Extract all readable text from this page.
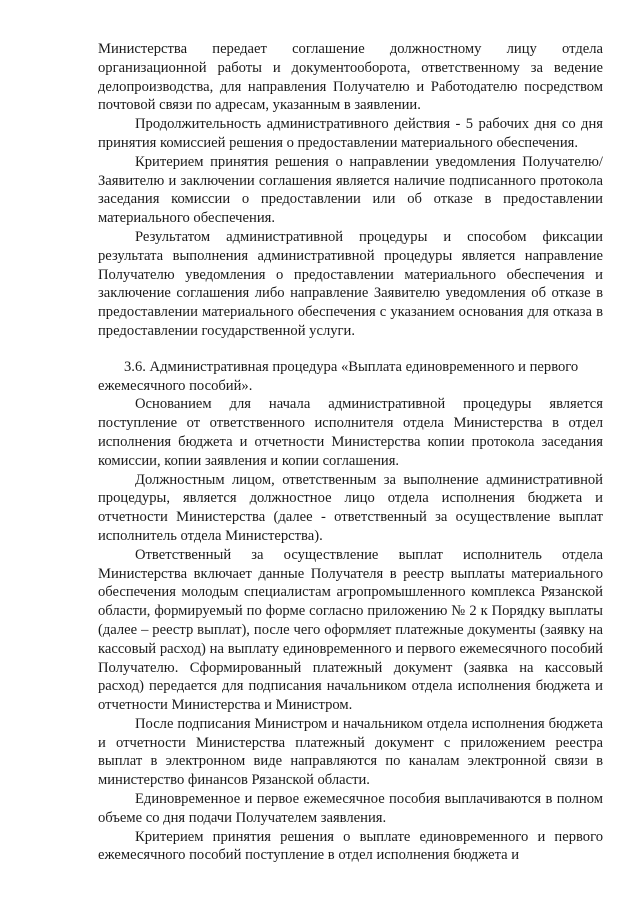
Министерства передает соглашение должностному лицу отдела организационной работы и документооборота, ответственному за ведение делопроизводства, для направления Получателю и Работодателю посредством почтовой связи по адресам, указанным в заявлении.

Продолжительность административного действия - 5 рабочих дня со дня принятия комиссией решения о предоставлении материального обеспечения.

Критерием принятия решения о направлении уведомления Получателю/Заявителю и заключении соглашения является наличие подписанного протокола заседания комиссии о предоставлении или об отказе в предоставлении материального обеспечения.

Результатом административной процедуры и способом фиксации результата выполнения административной процедуры является направление Получателю уведомления о предоставлении материального обеспечения и заключение соглашения либо направление Заявителю уведомления об отказе в предоставлении материального обеспечения с указанием основания для отказа в предоставлении государственной услуги.

3.6. Административная процедура «Выплата единовременного и первого ежемесячного пособий».

Основанием для начала административной процедуры является поступление от ответственного исполнителя отдела Министерства в отдел исполнения бюджета и отчетности Министерства копии протокола заседания комиссии, копии заявления и копии соглашения.

Должностным лицом, ответственным за выполнение административной процедуры, является должностное лицо отдела исполнения бюджета и отчетности Министерства (далее - ответственный за осуществление выплат исполнитель отдела Министерства).

Ответственный за осуществление выплат исполнитель отдела Министерства включает данные Получателя в реестр выплаты материального обеспечения молодым специалистам агропромышленного комплекса Рязанской области, формируемый по форме согласно приложению № 2 к Порядку выплаты (далее – реестр выплат), после чего оформляет платежные документы (заявку на кассовый расход) на выплату единовременного и первого ежемесячного пособий Получателю. Сформированный платежный документ (заявка на кассовый расход) передается для подписания начальником отдела исполнения бюджета и отчетности Министерства и Министром.

После подписания Министром и начальником отдела исполнения бюджета и отчетности Министерства платежный документ с приложением реестра выплат в электронном виде направляются по каналам электронной связи в министерство финансов Рязанской области.

Единовременное и первое ежемесячное пособия выплачиваются в полном объеме со дня подачи Получателем заявления.

Критерием принятия решения о выплате единовременного и первого ежемесячного пособий поступление в отдел исполнения бюджета и
